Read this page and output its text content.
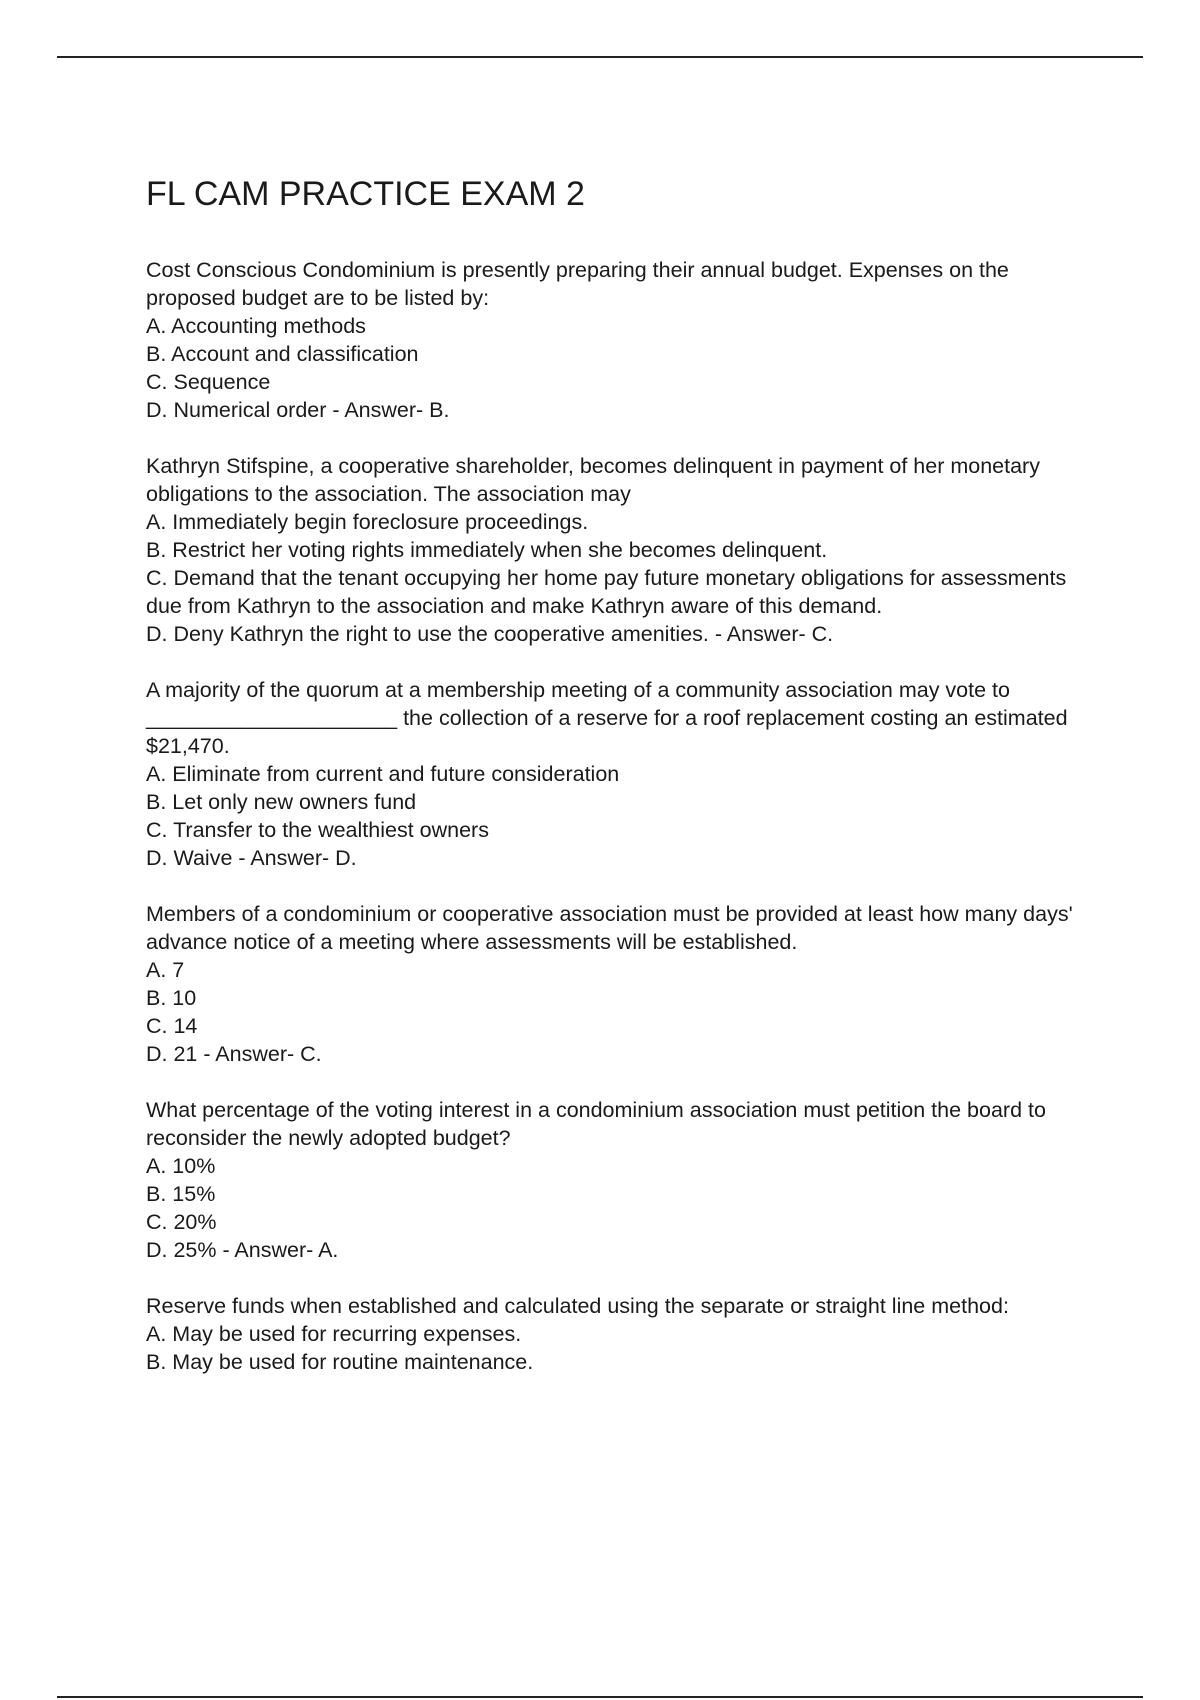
FL CAM PRACTICE EXAM 2

Cost Conscious Condominium is presently preparing their annual budget. Expenses on the proposed budget are to be listed by:

A. Accounting methods
B. Account and classification
C. Sequence
D. Numerical order - Answer- B.

Kathryn Stifspine, a cooperative shareholder, becomes delinquent in payment of her monetary obligations to the association. The association may

A. Immediately begin foreclosure proceedings.
B. Restrict her voting rights immediately when she becomes delinquent.
C. Demand that the tenant occupying her home pay future monetary obligations for assessments due from Kathryn to the association and make Kathryn aware of this demand.
D. Deny Kathryn the right to use the cooperative amenities. - Answer- C.

A majority of the quorum at a membership meeting of a community association may vote to _____________________ the collection of a reserve for a roof replacement costing an estimated $21,470.

A. Eliminate from current and future consideration
B. Let only new owners fund
C. Transfer to the wealthiest owners
D. Waive - Answer- D.

Members of a condominium or cooperative association must be provided at least how many days' advance notice of a meeting where assessments will be established.

A. 7
B. 10
C. 14
D. 21 - Answer- C.

What percentage of the voting interest in a condominium association must petition the board to reconsider the newly adopted budget?

A. 10%
B. 15%
C. 20%
D. 25% - Answer- A.

Reserve funds when established and calculated using the separate or straight line method:

A. May be used for recurring expenses.
B. May be used for routine maintenance.
